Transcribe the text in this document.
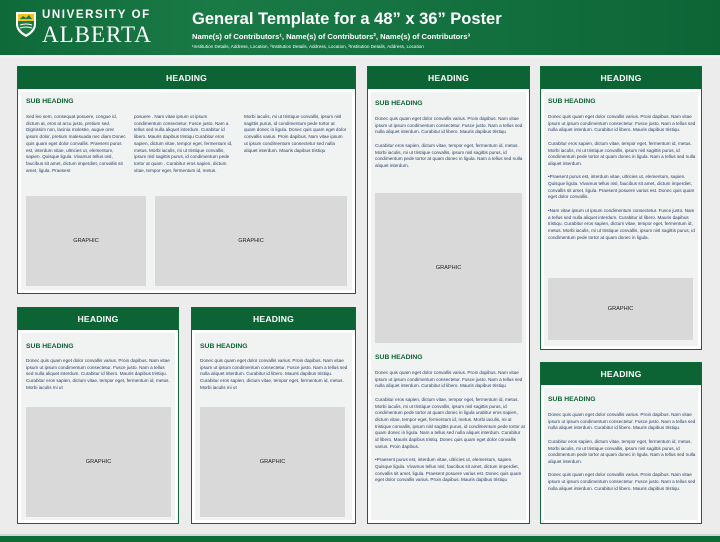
UNIVERSITY OF
ALBERTA
General Template for a 48” x 36” Poster
Name(s) of Contributors¹, Name(s) of Contributors², Name(s) of Contributors³
¹Institution Details, Address, Location, ²Institution Details, Address, Location, ³Institution Details, Address, Location
HEADING
SUB HEADING
Sed leo sem, consequat posuere, congue id, dictum at, eros at arcu justo, pretium sed. Dignissim non, lacinia molestie, augue orec ipsum dolor, pretium malesuada nec diam Donec quis quam eget dolor convallis. Praesent purus est, interdum vitae, ultricies ut, elementum, sapien. Quisque ligula. Vivamus tellus nisl, faucibus sit amet, dictum imperdiet, convallis sit amet, ligula. Praesent
posuere . Nam vitae ipsum ut ipsum condimentum consectetur. Fusce justo. Nam a tellus sed nulla aliquet interdum. Curabitur id libero. Mauris dapibus tristiqu Curabitur eros sapien, dictum vitae, tempor eget, fermentum id, metus. Morbi iaculis, mi ut tristique convallis, ipsum nisl sagittis purus, id condimentum pede tortor at quam . Curabitur eros sapien, dictum vitae, tempor eget, fermentum id, metus.
Morbi iaculis, mi ut tristique convallis, ipsum nisl sagittis purus, id condimentum pede tortor at quam donec in ligula. Donec quis quam eget dolor convallis varius. Proin dapibus. Nam vitae ipsum ut ipsum condimentum consectetur sed nulla aliquet interdum. Mauris dapibus tristiqu
GRAPHIC	GRAPHIC
HEADING
SUB HEADING
Donec quis quam eget dolor convallis varius. Proin dapibus. Nam vitae ipsum ut ipsum condimentum consectetur. Fusce justo. Nam a tellus sed nulla aliquet interdum. Curabitur id libero. Mauris dapibus tristiqu. Curabitur eros sapien, dictum vitae, tempor eget, fermentum id, metus. Morbi iaculis mi ut
GRAPHIC
HEADING
SUB HEADING
Donec quis quam eget dolor convallis varius. Proin dapibus. Nam vitae ipsum ut ipsum condimentum consectetur. Fusce justo. Nam a tellus sed nulla aliquet interdum. Curabitur id libero. Mauris dapibus tristiqu. Curabitur eros sapien, dictum vitae, tempor eget, fermentum id, metus. Morbi iaculis mi ut
GRAPHIC
HEADING
SUB HEADING

Donec quis quam eget dolor convallis varius. Proin dapibus. Nam vitae ipsum ut ipsum condimentum consectetur. Fusce justo. Nam a tellus sed nulla aliquet interdum. Curabitur id libero. Mauris dapibus tristiqu

Curabitur eros sapien, dictum vitae, tempor eget, fermentum id, metus. Morbi iaculis, mi ut tristique convallis, ipsum nisl sagittis purus, id condimentum pede tortor at quam donec in ligula. Nam a tellus sed nulla aliquet interdum.

GRAPHIC
SUB HEADING

Donec quis quam eget dolor convallis varius. Proin dapibus. Nam vitae ipsum ut ipsum condimentum consectetur. Fusce justo. Nam a tellus sed nulla aliquet interdum. Curabitur id libero. Mauris dapibus tristiqu

Curabitur eros sapien, dictum vitae, tempor eget, fermentum id, metus. Morbi iaculis, mi ut tristique convallis, ipsum nisl sagittis purus, id condimentum pede tortor at quam donec in ligula urabitur eros sapien, dictum vitae, tempor eget, fermentum id, metus. Morbi iaculis, mi ut tristique convallis, ipsum nisl sagittis purus, id condimentum pede tortor at quam donec in ligula. Nam a tellus sed nulla aliquet interdum. Curabitur id libero. Mauris dapibus tristiq. Donec quis quam eget dolor convallis varius. Proin dapibus.

•Praesent purus est, interdum vitae, ultricies ut, elementum, sapien. Quisque ligula. Vivamus tellus nisl, faucibus sit amet, dictum imperdiet, convallis sit amet, ligula. Praesent posuere varius est. Donec quis quam eget dolor convallis varius. Proin dapibus. Mauris dapibus tristiqu

HEADING
SUB HEADING

Donec quis quam eget dolor convallis varius. Proin dapibus. Nam vitae ipsum ut ipsum condimentum consectetur. Fusce justo. Nam a tellus sed nulla aliquet interdum. Curabitur id libero. Mauris dapibus tristiqu.

Curabitur eros sapien, dictum vitae, tempor eget, fermentum id, metus. Morbi iaculis, mi ut tristique convallis, ipsum nisl sagittis purus, id condimentum pede tortor at quam donec in ligula. Nam a tellus sed nulla aliquet interdum.

•Praesent purus est, interdum vitae, ultricies ut, elementum, sapien. Quisque ligula. Vivamus tellus nisl, faucibus sit amet, dictum imperdiet, convallis sit amet, ligula. Praesent posuere varius est. Donec quis quam eget dolor convallis.

•Nam vitae ipsum ut ipsum condimentum consectetur. Fusce justo. Nam a tellus sed nulla aliquet interdum. Curabitur id libero. Mauris dapibus tristiqu. Curabitur eros sapien, dictum vitae, tempor eget, fermentum id, metus. Morbi iaculis, mi ut tristique convallis, ipsum nisl sagittis purus, id condimentum pede tortor at quam donec in ligula.

GRAPHIC
HEADING
SUB HEADING

Donec quis quam eget dolor convallis varius. Proin dapibus. Nam vitae ipsum ut ipsum condimentum consectetur. Fusce justo. Nam a tellus sed nulla aliquet interdum. Curabitur id libero. Mauris dapibus tristiqu.

Curabitur eros sapien, dictum vitae, tempor eget, fermentum id, metus. Morbi iaculis, mi ut tristique convallis, ipsum nisl sagittis purus, id condimentum pede tortor at quam donec in ligula. Nam a tellus sed nulla aliquet interdum.

Donec quis quam eget dolor convallis varius. Proin dapibus. Nam vitae ipsum ut ipsum condimentum consectetur. Fusce justo. Nam a tellus sed nulla aliquet interdum. Curabitur id libero. Mauris dapibus tristiqu.
